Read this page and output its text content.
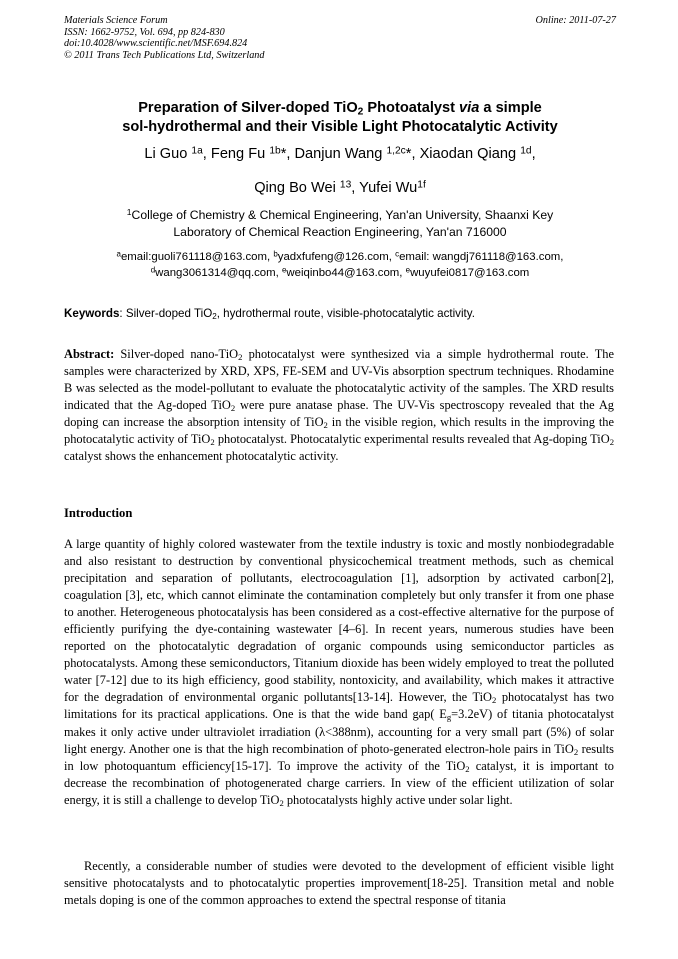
Materials Science Forum
ISSN: 1662-9752, Vol. 694, pp 824-830
doi:10.4028/www.scientific.net/MSF.694.824
© 2011 Trans Tech Publications Ltd, Switzerland
Online: 2011-07-27
Preparation of Silver-doped TiO$_2$ Photoatalyst via a simple
sol-hydrothermal and their Visible Light Photocatalytic Activity
Li Guo $^{1a}$, Feng Fu $^{1b}$*, Danjun Wang $^{1,2c}$*, Xiaodan Qiang $^{1d}$,
Qing Bo Wei $^{13}$, Yufei $Wu^{1f}$
$^1$College of Chemistry & Chemical Engineering, Yan'an University, Shaanxi Key
Laboratory of Chemical Reaction Engineering, Yan'an 716000
$^a$email:guoli761118@163.com, $^b$yadxfufeng@126.com, $^c$email: wangdj761118@163.com,
$^d$wang3061314@qq.com, $^e$weiqinbo44@163.com, $^e$wuyufei0817@163.com
Keywords: Silver-doped TiO$_2$, hydrothermal route, visible-photocatalytic activity.
Abstract: Silver-doped nano-TiO$_2$ photocatalyst were synthesized via a simple hydrothermal route. The samples were characterized by XRD, XPS, FE-SEM and UV-Vis absorption spectrum techniques. Rhodamine B was selected as the model-pollutant to evaluate the photocatalytic activity of the samples. The XRD results indicated that the Ag-doped TiO$_2$ were pure anatase phase. The UV-Vis spectroscopy revealed that the Ag doping can increase the absorption intensity of TiO$_2$ in the visible region, which results in the improving the photocatalytic activity of TiO$_2$ photocatalyst. Photocatalytic experimental results revealed that Ag-doping TiO$_2$ catalyst shows the enhancement photocatalytic activity.
Introduction
A large quantity of highly colored wastewater from the textile industry is toxic and mostly nonbiodegradable and also resistant to destruction by conventional physicochemical treatment methods, such as chemical precipitation and separation of pollutants, electrocoagulation [1], adsorption by activated carbon[2], coagulation [3], etc, which cannot eliminate the contamination completely but only transfer it from one phase to another. Heterogeneous photocatalysis has been considered as a cost-effective alternative for the purpose of efficiently purifying the dye-containing wastewater [4–6]. In recent years, numerous studies have been reported on the photocatalytic degradation of organic compounds using semiconductor particles as photocatalysts. Among these semiconductors, Titanium dioxide has been widely employed to treat the polluted water [7-12] due to its high efficiency, good stability, nontoxicity, and availability, which makes it attractive for the degradation of environmental organic pollutants[13-14]. However, the TiO$_2$ photocatalyst has two limitations for its practical applications. One is that the wide band gap( $E_g=3.2eV$) of titania photocatalyst makes it only active under ultraviolet irradiation (λ<388nm), accounting for a very small part (5%) of solar light energy. Another one is that the high recombination of photo-generated electron-hole pairs in TiO$_2$ results in low photoquantum efficiency[15-17]. To improve the activity of the TiO$_2$ catalyst, it is important to decrease the recombination of photogenerated charge carriers. In view of the efficient utilization of solar energy, it is still a challenge to develop TiO$_2$ photocatalysts highly active under solar light.
Recently, a considerable number of studies were devoted to the development of efficient visible light sensitive photocatalysts and to photocatalytic properties improvement[18-25]. Transition metal and noble metals doping is one of the common approaches to extend the spectral response of titania
